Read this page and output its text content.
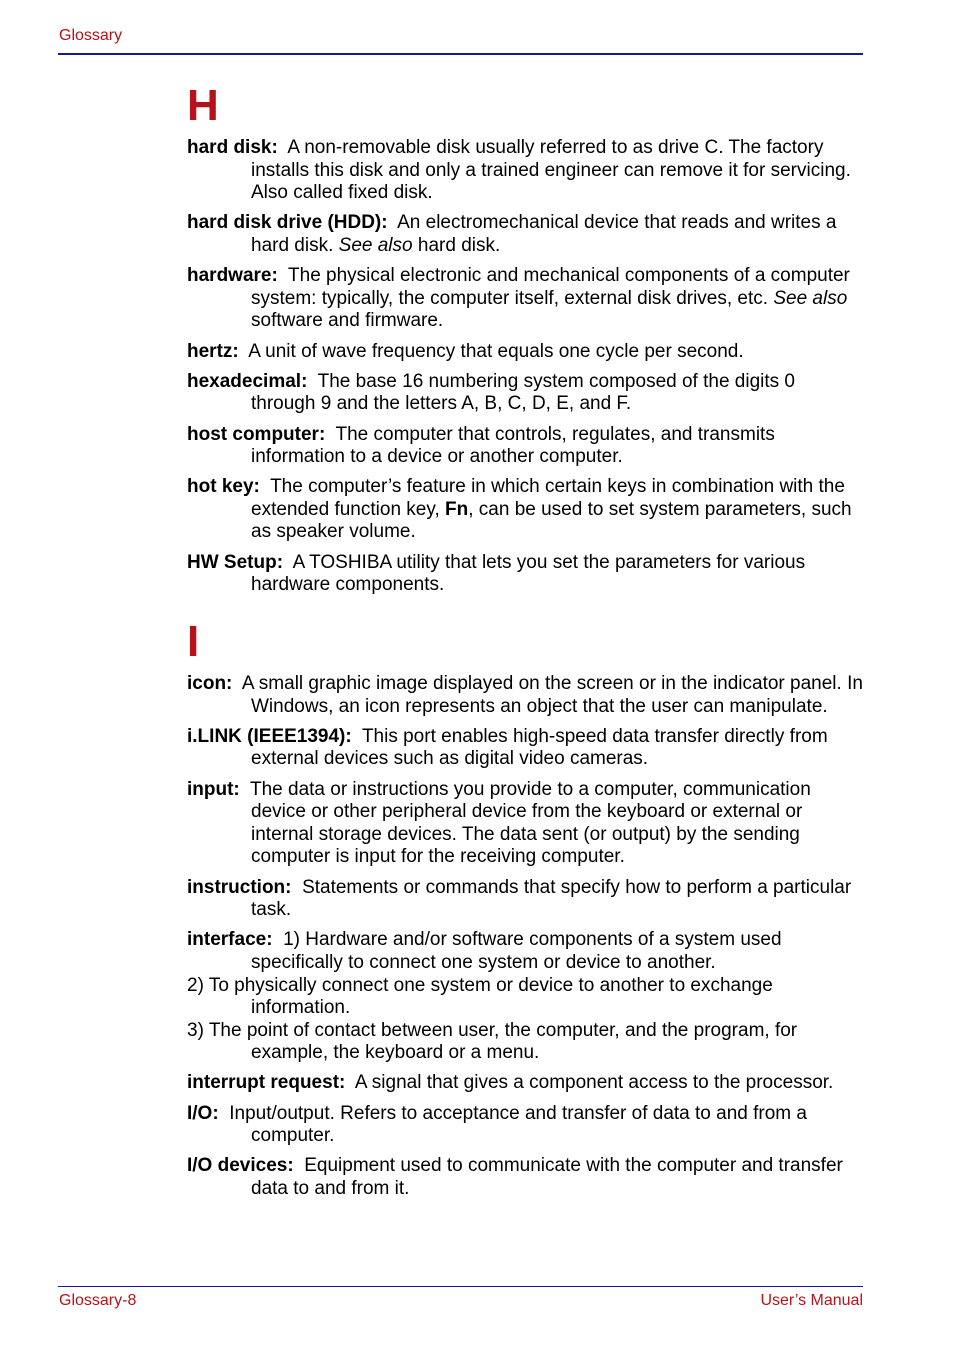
Glossary
H

hard disk: A non-removable disk usually referred to as drive C. The factory installs this disk and only a trained engineer can remove it for servicing. Also called fixed disk.

hard disk drive (HDD): An electromechanical device that reads and writes a hard disk. See also hard disk.

hardware: The physical electronic and mechanical components of a computer system: typically, the computer itself, external disk drives, etc. See also software and firmware.

hertz: A unit of wave frequency that equals one cycle per second.

hexadecimal: The base 16 numbering system composed of the digits 0 through 9 and the letters A, B, C, D, E, and F.

host computer: The computer that controls, regulates, and transmits information to a device or another computer.

hot key: The computer’s feature in which certain keys in combination with the extended function key, Fn, can be used to set system parameters, such as speaker volume.

HW Setup: A TOSHIBA utility that lets you set the parameters for various hardware components.

I

icon: A small graphic image displayed on the screen or in the indicator panel. In Windows, an icon represents an object that the user can manipulate.

i.LINK (IEEE1394): This port enables high-speed data transfer directly from external devices such as digital video cameras.

input: The data or instructions you provide to a computer, communication device or other peripheral device from the keyboard or external or internal storage devices. The data sent (or output) by the sending computer is input for the receiving computer.

instruction: Statements or commands that specify how to perform a particular task.

interface: 1) Hardware and/or software components of a system used specifically to connect one system or device to another.
2) To physically connect one system or device to another to exchange information.
3) The point of contact between user, the computer, and the program, for example, the keyboard or a menu.

interrupt request: A signal that gives a component access to the processor.

I/O: Input/output. Refers to acceptance and transfer of data to and from a computer.

I/O devices: Equipment used to communicate with the computer and transfer data to and from it.

Glossary-8	User’s Manual
